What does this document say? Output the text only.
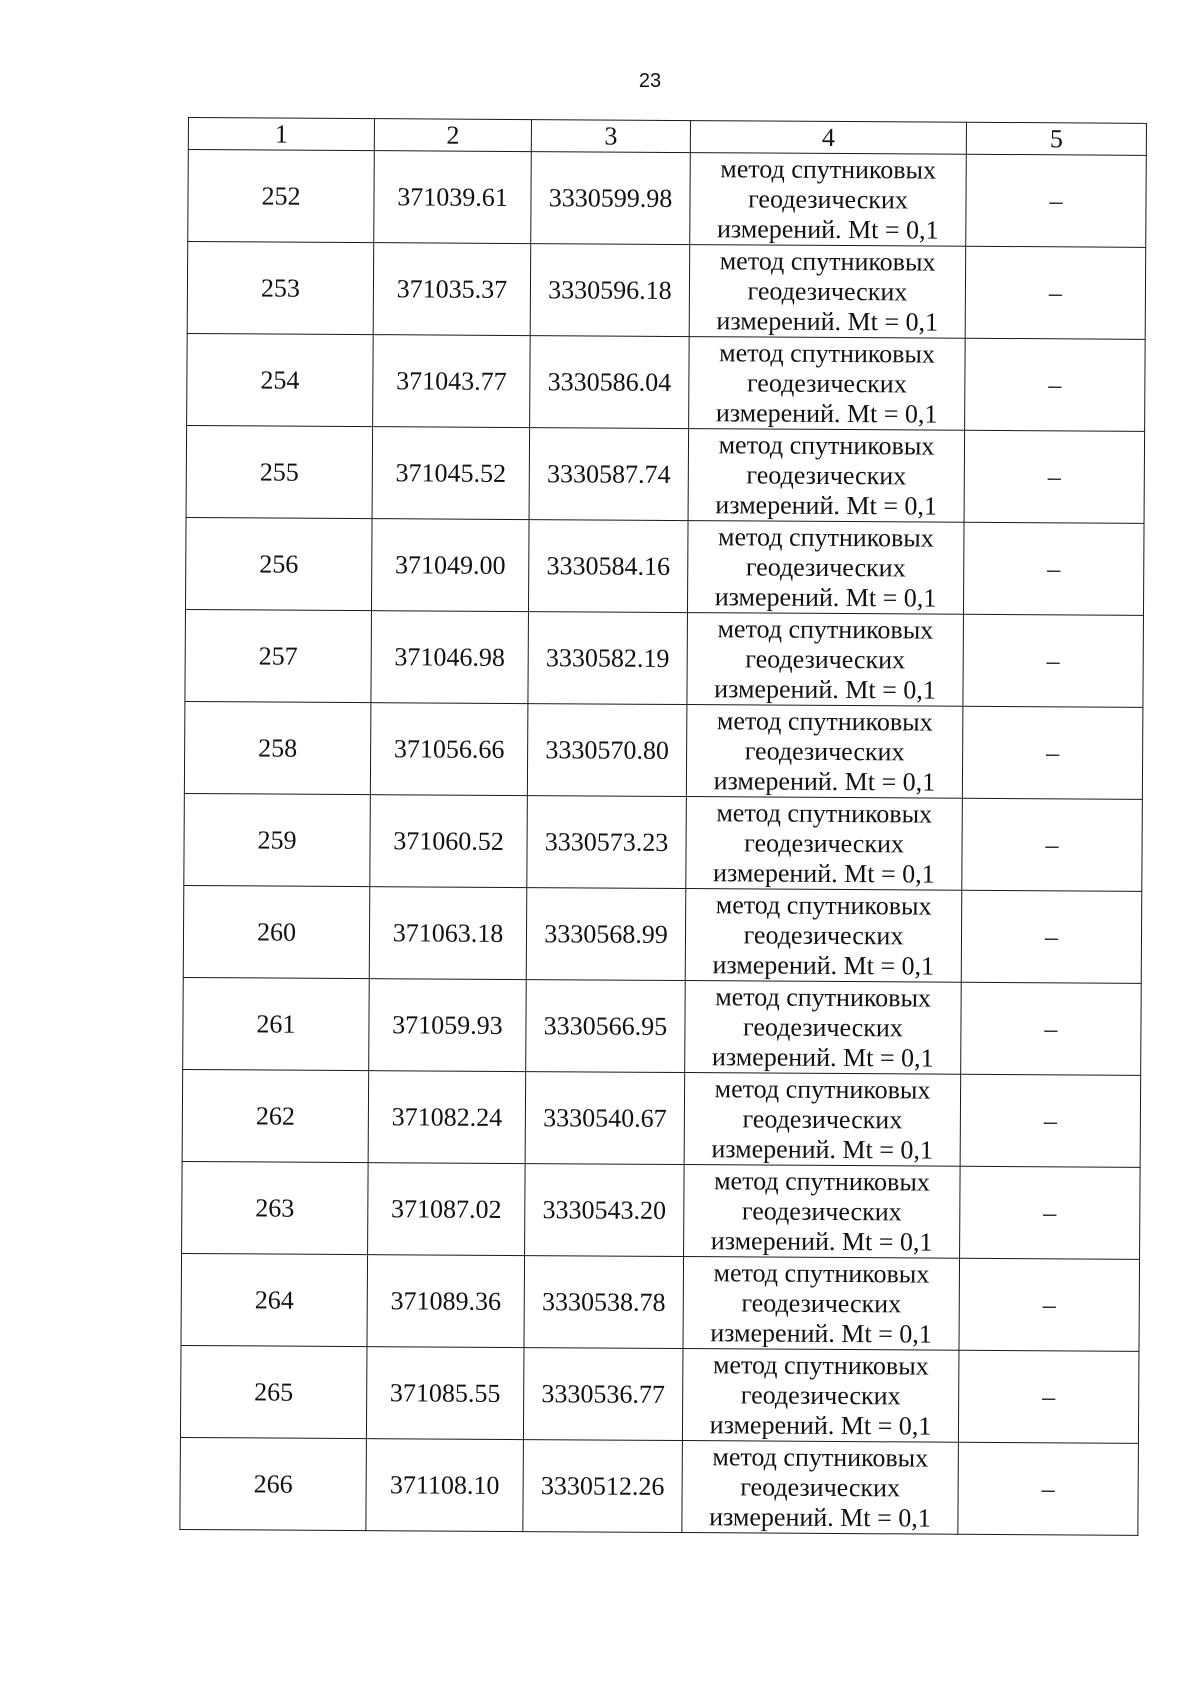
23
1	2	3	4	5
252	371039.61	3330599.98	метод спутниковых
геодезических
измерений. Mt = 0,1	–
253	371035.37	3330596.18	метод спутниковых
геодезических
измерений. Mt = 0,1	–
254	371043.77	3330586.04	метод спутниковых
геодезических
измерений. Mt = 0,1	–
255	371045.52	3330587.74	метод спутниковых
геодезических
измерений. Mt = 0,1	–
256	371049.00	3330584.16	метод спутниковых
геодезических
измерений. Mt = 0,1	–
257	371046.98	3330582.19	метод спутниковых
геодезических
измерений. Mt = 0,1	–
258	371056.66	3330570.80	метод спутниковых
геодезических
измерений. Mt = 0,1	–
259	371060.52	3330573.23	метод спутниковых
геодезических
измерений. Mt = 0,1	–
260	371063.18	3330568.99	метод спутниковых
геодезических
измерений. Mt = 0,1	–
261	371059.93	3330566.95	метод спутниковых
геодезических
измерений. Mt = 0,1	–
262	371082.24	3330540.67	метод спутниковых
геодезических
измерений. Mt = 0,1	–
263	371087.02	3330543.20	метод спутниковых
геодезических
измерений. Mt = 0,1	–
264	371089.36	3330538.78	метод спутниковых
геодезических
измерений. Mt = 0,1	–
265	371085.55	3330536.77	метод спутниковых
геодезических
измерений. Mt = 0,1	–
266	371108.10	3330512.26	метод спутниковых
геодезических
измерений. Mt = 0,1	–
